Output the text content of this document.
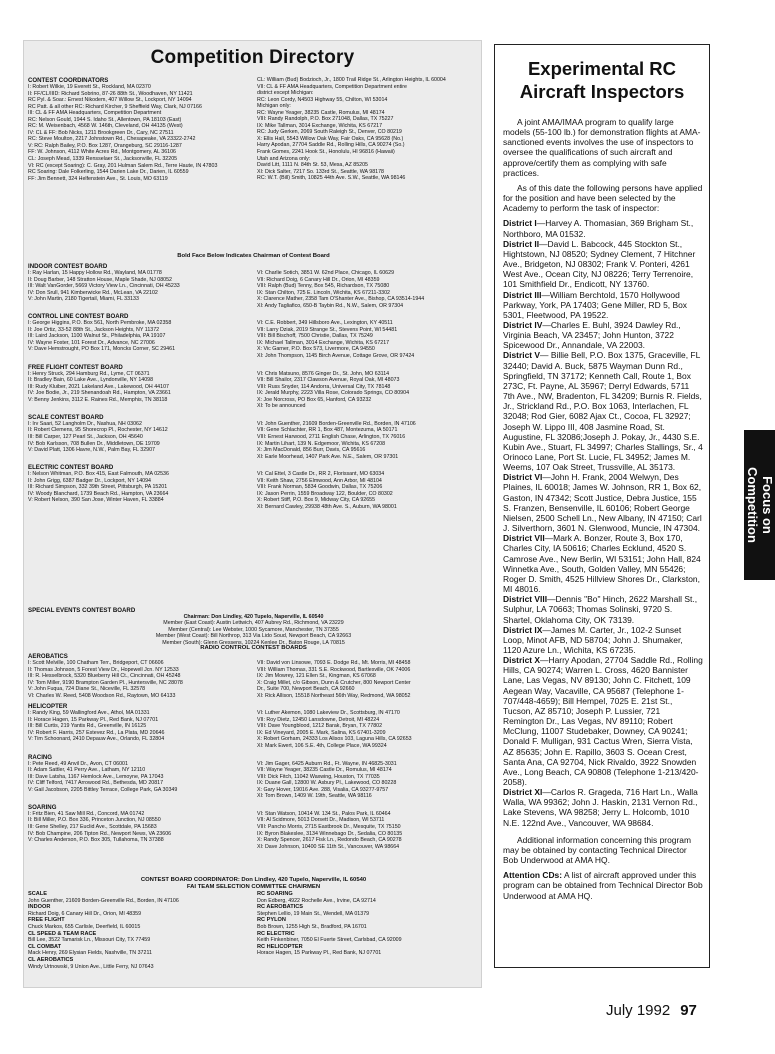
Competition Directory
CONTEST COORDINATORS
I: Robert Wilkie, 19 Everett St., Rockland, MA 02370
II: FF/CL/IIID: Richard Sobrino, 87-26 88th St., Woodhaven, NY 11421
RC Pyl. & Soar.: Ernest Nikodem, 407 Willow St., Lockport, NY 14094
RC Patt. & all other RC: Richard Kircher, 9 Sheffield Way, Clark, NJ 07166
III: CL & FF AMA Headquarters, Competition Department
RC: Nelson Gould, 1944 S. Idaho St., Allentown, PA 18103 (East)
RC: M. Weisenbach, 4568 W. 146th, Cleveland, OH 44135 (West)
IV: CL & FF: Bob Nicks, 1211 Brookgreen Dr., Cary, NC 27511
RC: Steve Moulton, 2217 Johnstown Rd., Chesapeake, VA 23322-2742
V: RC: Ralph Bailey, P.O. Box 1287, Orangeburg, SC 29116-1287
FF: W. Johnson, 4112 White Acres Rd., Montgomery, AL 36106
CL: Joseph Mead, 1339 Rensselaer St., Jacksonville, FL 32205
VI: RC (except Soaring): C. Gray, 201 Hulman Salem Rd., Terre Haute, IN 47803
RC Soaring: Dale Folkerling, 1544 Darien Lake Dr., Darien, IL 60559
FF: Jim Bennett, 324 Helfenstein Ave., St. Louis, MO 63119
CL: William (Bud) Bodzioch, Jr., 1800 Trail Ridge St., Arlington Heights, IL 60004
VII: CL & FF AMA Headquarters, Competition Department entire
district except Michigan:
RC: Leon Cordy, N4503 Highway 55, Chilton, WI 53014
Michigan only:
RC: Wayne Yeager, 38235 Castle, Romulus, MI 48174
VIII: Randy Randolph, P.O. Box 271048, Dallas, TX 75227
IX: Mike Tallman, 3014 Exchange, Wichita, KS 67217
RC: Judy Gerken, 2069 South Raleigh St., Denver, CO 80219
X: Ellis Hall, 5543 Willow Oak Way, Fair Oaks, CA 95628 (No.)
Harry Apodan, 27704 Saddle Rd., Rolling Hills, CA 90274 (So.)
Frank Gomes, 2241 Hook St., Honolulu, HI 96816 (Hawaii)
Utah and Arizona only:
David Litt, 1111 N. 84th St. 53, Mesa, AZ 85205
XI: Dick Salter, 7217 So. 133rd St., Seattle, WA 98178
RC: W.T. (Bill) Smith, 10825 44th Ave. S.W., Seattle, WA 98146
Bold Face Below Indicates Chairman of Contest Board
INDOOR CONTEST BOARD
I: Ray Harlan, 15 Happy Hollow Rd., Wayland, MA 01778
II: Doug Barber, 148 Stratton House, Maple Shade, NJ 08052
III: Walt VanGorder, 5669 Victory View Ln., Cincinnati, OH 45233
IV: Don Srull, 941 Kimberwicke Rd., McLean, VA 22102
V: John Martin, 2180 Tigertail, Miami, FL 33133
VI: Charlie Sotich, 3851 W. 62nd Place, Chicago, IL 60629
VII: Richard Doig, 6 Canary Hill Dr., Orion, MI 48359
VIII: Ralph (Bud) Tenny, Box 545, Richardson, TX 75080
IX: Stan Chilton, 725 E. Lincoln, Wichita, KS 67211-3302
X: Clarence Mather, 2358 Tam O'Shanter Ave., Bishop, CA 93514-1944
XI: Andy Tagliafico, 650-B Taybin Rd., N.W., Salem, OR 97304
CONTROL LINE CONTEST BOARD
I: George Higgins, P.O. Box 561, North Pembroke, MA 02358
II: Joe Ortiz, 33-52 88th St., Jackson Heights, NY 11372
III: Laird Jackson, 1100 Walnut St., Philadelphia, PA 19107
IV: Wayne Foster, 101 Forest Dr., Advance, NC 27006
V: Dave Hemstrought, PO Box 171, Moncks Corner, SC 29461
VI: C.E. Robbert, 349 Hillsboro Ave., Lexington, KY 40511
VII: Larry Dziak, 2019 Strange St., Stevens Point, WI 54481
VIII: Bill Bischoff, 7500 Christie, Dallas, TX 75249
IX: Michael Tallman, 3014 Exchange, Wichita, KS 67217
X: Vic Garner, P.O. Box 573, Livermore, CA 94550
XI: John Thompson, 1145 Birch Avenue, Cottage Grove, OR 97424
FREE FLIGHT CONTEST BOARD
I: Henry Struck, 294 Hamburg Rd., Lyme, CT 06371
II: Bradley Bain, 60 Lake Ave., Lyndonville, NY 14098
III: Rudy Kluiber, 2021 Lakeland Ave., Lakewood, OH 44107
IV: Joe Bodie, Jr., 219 Shenandoah Rd., Hampton, VA 23661
V: Benny Jenkins, 3112 E. Raines Rd., Memphis, TN 38118
VI: Chris Matsuno, 8576 Ginger Dr., St. John, MO 63114
VII: Bill Shailor, 2317 Clawson Avenue, Royal Oak, MI 48073
VIII: Russ Snyder, 114 Andorra, Universal City, TX 78148
IX: Jerald Murphy, 2223 Villa Rose, Colorado Springs, CO 80904
X: Joe Norcross, PO Box 65, Hanford, CA 93232
XI: To be announced
SCALE CONTEST BOARD
I: Irv Saari, 52 Langholm Dr., Nashua, NH 03062
II: Robert Clemens, 95 Shorecrop Pl., Rochester, NY 14612
III: Bill Carper, 127 Pearl St., Jackson, OH 45640
IV: Bob Karlsson, 708 Bullen Dr., Middletown, DE 19709
V: David Platt, 1306 Havre, N.W., Palm Bay, FL 32907
VI: John Guenther, 21609 Borden-Greenville Rd., Borden, IN 47106
VII: Gene Schlachter, RR 1, Box 487, Montezuma, IA 50171
VIII: Ernest Harwood, 2711 English Chase, Arlington, TX 76016
IX: Martin Lihart, 139 N. Edgemoor, Wichita, KS 67208
X: Jim MacDonald, 856 Burr, Davis, CA 95616
XI: Earle Moorhead, 1407 Park Ave. N.E., Salem, OR 97301
ELECTRIC CONTEST BOARD
I: Nelson Whitman, P.O. Box 415, East Falmouth, MA 02536
II: John Grigg, 6387 Badger Dr., Lockport, NY 14094
III: Richard Simpson, 332 39th Street, Pittsburgh, PA 15201
IV: Woody Blanchard, 1739 Beach Rd., Hampton, VA 23664
V: Robert Nelson, 390 San Jose, Winter Haven, FL 33884
VI: Cal Ettel, 3 Castle Dr., RR 2, Florissant, MO 63034
VII: Keith Shaw, 2756 Elmwood, Ann Arbor, MI 48104
VIII: Frank Norman, 5834 Goodwin, Dallas, TX 75206
IX: Jason Perrin, 1559 Broadway 122, Boulder, CO 80302
X: Robert Stiff, P.O. Box 9, Midway City, CA 92655
XI: Bernard Cawley, 29938 48th Ave. S., Auburn, WA 98001
SPECIAL EVENTS CONTEST BOARD
Chairman: Don Lindley, 420 Tupelo, Naperville, IL 60540
Member (East Coast): Austin Lettwich, 407 Aubrey Rd., Richmond, VA 23229
Member (Central): Lee Webster, 1000 Sycamore, Manchester, TN 37355
Member (West Coast): Bill Northrop, 313 Via Lido Soud, Newport Beach, CA 92663
Member (South): Glenn Gressens, 10224 Kenlee Dr., Baton Rouge, LA 70815
RADIO CONTROL CONTEST BOARDS
AEROBATICS
I: Scott Melville, 100 Chatham Terr., Bridgeport, CT 06606
II: Thomas Johnson, 5 Forest View Dr., Hopewell Jcn. NY 12533
III: R. Hesselbrock, 5320 Blueberry Hill Ct., Cincinnati, OH 45248
IV: Tom Miller, 9190 Brampton Garden Pl., Huntersville, NC 28078
V: John Fuqua, 724 Diane St., Niceville, FL 32578
VI: Charles W. Reed, 5408 Woodson Rd., Raytown, MO 64133
VII: David von Linsowe, 7093 E. Dodge Rd., Mt. Morris, MI 48458
VIII: William Thomas, 331 S.E. Rockwood, Bartlesville, OK 74006
IX: Jim Mowrey, 121 Ellen St., Kingman, KS 67068
X: Craig Millet, c/o Gibson, Dunn & Crutcher, 800 Newport Center
Dr., Suite 700, Newport Beach, CA 92660
XI: Rick Allison, 15518 Northeast 56th Way, Redmond, WA 98052
HELICOPTER
I: Randy King, 59 Wallingford Ave., Athol, MA 01331
II: Horace Hagen, 15 Parkway Pl., Red Bank, NJ 07701
III: Bill Curtis, 219 Yantis Rd., Greenville, IN 16125
IV: Robert F. Harris, 257 Estevez Rd., La Plata, MD 20646
V: Tim Schoonard, 2410 Depauw Ave., Orlando, FL 32804
VI: Luther Akemon, 1080 Lakeview Dr., Scottsburg, IN 47170
VII: Roy Dietz, 12450 Lansdowne, Detroit, MI 48224
VIII: Dave Youngblood, 1212 Barak, Bryan, TX 77802
IX: Ed Vineyard, 2005 E. Mark, Salina, KS 67401-3209
X: Robert Gorham, 24333 Los Alisos 103, Laguna Hills, CA 92653
XI: Mark Ewert, 106 S.E. 4th, College Place, WA 99324
RACING
I: Pete Reed, 49 Anvil Dr., Avon, CT 06001
II: Adam Sattler, 41 Perry Ave., Latham, NY 12110
III: Dave Latsha, 1167 Hemlock Ave., Lemoyne, PA 17043
IV: Cliff Telford, 7417 Arrowood Rd., Bethesda, MD 20817
V: Gail Jacobson, 2205 Bittley Terrace, College Park, GA 30349
VI: Jim Gager, 6425 Auburn Rd., Ft. Wayne, IN 46825-3031
VII: Wayne Yeager, 38235 Castle Dr., Romulus, MI 48174
VIII: Dick Fitch, 11042 Waxwing, Houston, TX 77035
IX: Duane Gall, 12800 W. Asbury Pl., Lakewood, CO 80228
X: Gary Hover, 19016 Ave. 288, Visalia, CA 93277-9757
XI: Tom Brown, 1409 W. 19th, Seattle, WA 98116
SOARING
I: Fritz Bien, 41 Saw Mill Rd., Concord, MA 01742
II: Bill Miller, P.O. Box 336, Princeton Junction, NJ 08550
III: Gene Shelley, 217 Euclid Ave., Scottdale, PA 15683
IV: Bob Champine, 206 Tipton Rd., Newport News, VA 23606
V: Charles Anderson, P.O. Box 305, Tullahoma, TN 37388
VI: Stan Watson, 10414 W. 134 St., Palos Park, IL 60464
VII: Al Scidmore, 5013 Dorsett Dr., Madison, WI 53711
VIII: Pancho Morris, 2715 Eastbrook Dr., Mesquite, TX 75150
IX: Byron Blakeslee, 3134 Winnebago Dr., Sedalia, CO 80135
X: Randy Spencer, 2617 Fisk Ln., Redondo Beach, CA 90278
XI: Dave Johnson, 10400 SE 11th St., Vancouver, WA 98664
CONTEST BOARD COORDINATOR: Don Lindley, 420 Tupelo, Naperville, IL 60540
FAI TEAM SELECTION COMMITTEE CHAIRMEN
SCALE
John Guenther, 21609 Borden-Greenville Rd., Borden, IN 47106
INDOOR
Richard Doig, 6 Canary Hill Dr., Orion, MI 48359
FREE FLIGHT
Chuck Markos, 655 Carlisle, Deerfield, IL 60015
CL SPEED & TEAM RACE
Bill Lee, 3522 Tamarisk Ln., Missouri City, TX 77459
CL COMBAT
Mack Henry, 269 Elysian Fields, Nashville, TN 37211
CL AEROBATICS
Windy Urtnowski, 9 Union Ave., Little Ferry, NJ 07643
RC SOARING
Don Edberg, 4922 Rochelle Ave., Irvine, CA 92714
RC AEROBATICS
Stephen Lellio, 19 Main St., Wendell, MA 01379
RC PYLON
Bob Brown, 1255 High St., Bradford, PA 16701
RC ELECTRIC
Keith Finkenbiner, 7050 El Fuerte Street, Carlsbad, CA 92009
RC HELICOPTER
Horace Hagen, 15 Parkway Pl., Red Bank, NJ 07701
Experimental RC
Aircraft Inspectors

A joint AMA/IMAA program to qualify large models (55-100 lb.) for demonstration flights at AMA-sanctioned events involves the use of inspectors to oversee the qualifications of such aircraft and approve/certify them as complying with safe practices.

As of this date the following persons have applied for the position and have been selected by the Academy to perform the task of inspector:

District I—Harvey A. Thomasian, 369 Brigham St., Northboro, MA 01532.

District II—David L. Babcock, 445 Stockton St., Hightstown, NJ 08520; Sydney Clement, 7 Hitchner Ave., Bridgeton, NJ 08302; Frank V. Ponteri, 4261 West Ave., Ocean City, NJ 08226; Terry Terrenoire, 101 Smithfield Dr., Endicott, NY 13760.

District III—William Berchtold, 1570 Hollywood Parkway, York, PA 17403; Gene Miller, RD 5, Box 5301, Fleetwood, PA 19522.

District IV—Charles E. Buhl, 3924 Dawley Rd., Virginia Beach, VA 23457; John Hunton, 3722 Spicewood Dr., Annandale, VA 22003.

District V— Billie Bell, P.O. Box 1375, Graceville, FL 32440; David A. Buck, 5875 Wayman Dunn Rd., Springfield, TN 37172; Kenneth Call, Route 1, Box 273C, Ft. Payne, AL 35967; Derryl Edwards, 5711 7th Ave., NW, Bradenton, FL 34209; Burnis R. Fields, Jr., Strickland Rd., P.O. Box 1063, Interlachen, FL 32048; Rod Gier, 6082 Ajax Ct., Cocoa, FL 32927; Joseph W. Lippo III, 408 Jasmine Road, St. Augustine, FL 32086;Joseph J. Pokay, Jr., 4430 S.E. Kubin Ave., Stuart, FL 34997; Charles Stallings, Sr., 4 Orinoco Lane, Port St. Lucie, FL 34952; James M. Weems, 107 Oak Street, Trussville, AL 35173.

District VI—John H. Frank, 2004 Welwyn, Des Plaines, IL 60018; James W. Johnson, RR 1, Box 62, Gaston, IN 47342; Scott Justice, Debra Justice, 155 S. Franzen, Bensenville, IL 60106; Robert George Nielsen, 2500 Schell Ln., New Albany, IN 47150; Carl J. Silverthorn, 3601 N. Glenwood, Muncie, IN 47304.

District VII—Mark A. Bonzer, Route 3, Box 170, Charles City, IA 50616; Charles Ecklund, 4520 S. Camrose Ave., New Berlin, WI 53151; John Hall, 824 Winnetka Ave., South, Golden Valley, MN 55426; Roger D. Smith, 4525 Hillview Shores Dr., Clarkston, MI 48016.

District VIII—Dennis "Bo" Hinch, 2622 Marshall St., Sulphur, LA 70663; Thomas Solinski, 9720 S. Shartel, Oklahoma City, OK 73139.

District IX—James M. Carter, Jr., 102-2 Sunset Loop, Minot AFB, ND 58704; John J. Shumaker, 1120 Azure Ln., Wichita, KS 67235.

District X—Harry Apodan, 27704 Saddle Rd., Rolling Hills, CA 90274; Warren L. Cross, 4620 Bannister Lane, Las Vegas, NV 89130; John C. Fitchett, 109 Aegean Way, Vacaville, CA 95687 (Telephone 1-707/448-4659); Bill Hempel, 7025 E. 21st St., Tucson, AZ 85710; Joseph P. Lussier, 721 Remington Dr., Las Vegas, NV 89110; Robert McClung, 11007 Studebaker, Downey, CA 90241; Donald F. Mulligan, 931 Cactus Wren, Sierra Vista, AZ 85635; John E. Rapillo, 3603 S. Ocean Crest, Santa Ana, CA 92704, Nick Rivaldo, 3922 Snowden Ave., Long Beach, CA 90808 (Telephone 1-213/420-2058).

District XI—Carlos R. Grageda, 716 Hart Ln., Walla Walla, WA 99362; John J. Haskin, 2131 Vernon Rd., Lake Stevens, WA 98258; Jerry L. Holcomb, 1010 N.E. 122nd Ave., Vancouver, WA 98684.

Additional information concerning this program may be obtained by contacting Technical Director Bob Underwood at AMA HQ.

Attention CDs: A list of aircraft approved under this program can be obtained from Technical Director Bob Underwood at AMA HQ.

Focus on
Competition
July 1992 97
